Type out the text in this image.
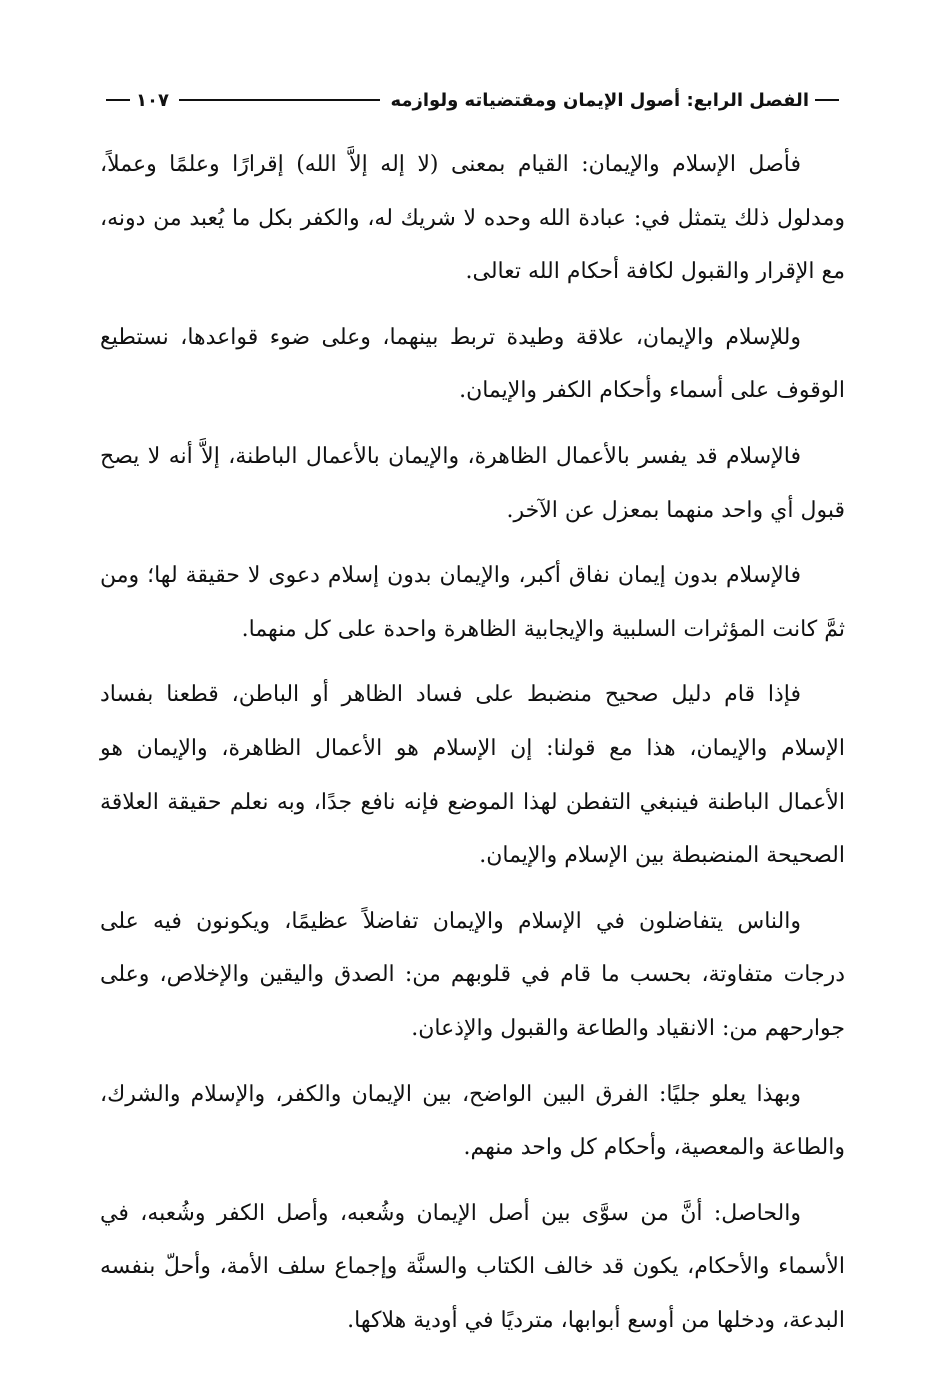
الفصل الرابع: أصول الإيمان ومقتضياته ولوازمه
١٠٧

فأصل الإسلام والإيمان: القيام بمعنى (لا إله إلاَّ الله) إقرارًا وعلمًا وعملاً، ومدلول ذلك يتمثل في: عبادة الله وحده لا شريك له، والكفر بكل ما يُعبد من دونه، مع الإقرار والقبول لكافة أحكام الله تعالى.

وللإسلام والإيمان، علاقة وطيدة تربط بينهما، وعلى ضوء قواعدها، نستطيع الوقوف على أسماء وأحكام الكفر والإيمان.

فالإسلام قد يفسر بالأعمال الظاهرة، والإيمان بالأعمال الباطنة، إلاَّ أنه لا يصح قبول أي واحد منهما بمعزل عن الآخر.

فالإسلام بدون إيمان نفاق أكبر، والإيمان بدون إسلام دعوى لا حقيقة لها؛ ومن ثمَّ كانت المؤثرات السلبية والإيجابية الظاهرة واحدة على كل منهما.

فإذا قام دليل صحيح منضبط على فساد الظاهر أو الباطن، قطعنا بفساد الإسلام والإيمان، هذا مع قولنا: إن الإسلام هو الأعمال الظاهرة، والإيمان هو الأعمال الباطنة فينبغي التفطن لهذا الموضع فإنه نافع جدًا، وبه نعلم حقيقة العلاقة الصحيحة المنضبطة بين الإسلام والإيمان.

والناس يتفاضلون في الإسلام والإيمان تفاضلاً عظيمًا، ويكونون فيه على درجات متفاوتة، بحسب ما قام في قلوبهم من: الصدق واليقين والإخلاص، وعلى جوارحهم من: الانقياد والطاعة والقبول والإذعان.

وبهذا يعلو جليًا: الفرق البين الواضح، بين الإيمان والكفر، والإسلام والشرك، والطاعة والمعصية، وأحكام كل واحد منهم.

والحاصل: أنَّ من سوَّى بين أصل الإيمان وشُعبه، وأصل الكفر وشُعبه، في الأسماء والأحكام، يكون قد خالف الكتاب والسنَّة وإجماع سلف الأمة، وأحلّ بنفسه البدعة، ودخلها من أوسع أبوابها، مترديًا في أودية هلاكها.
